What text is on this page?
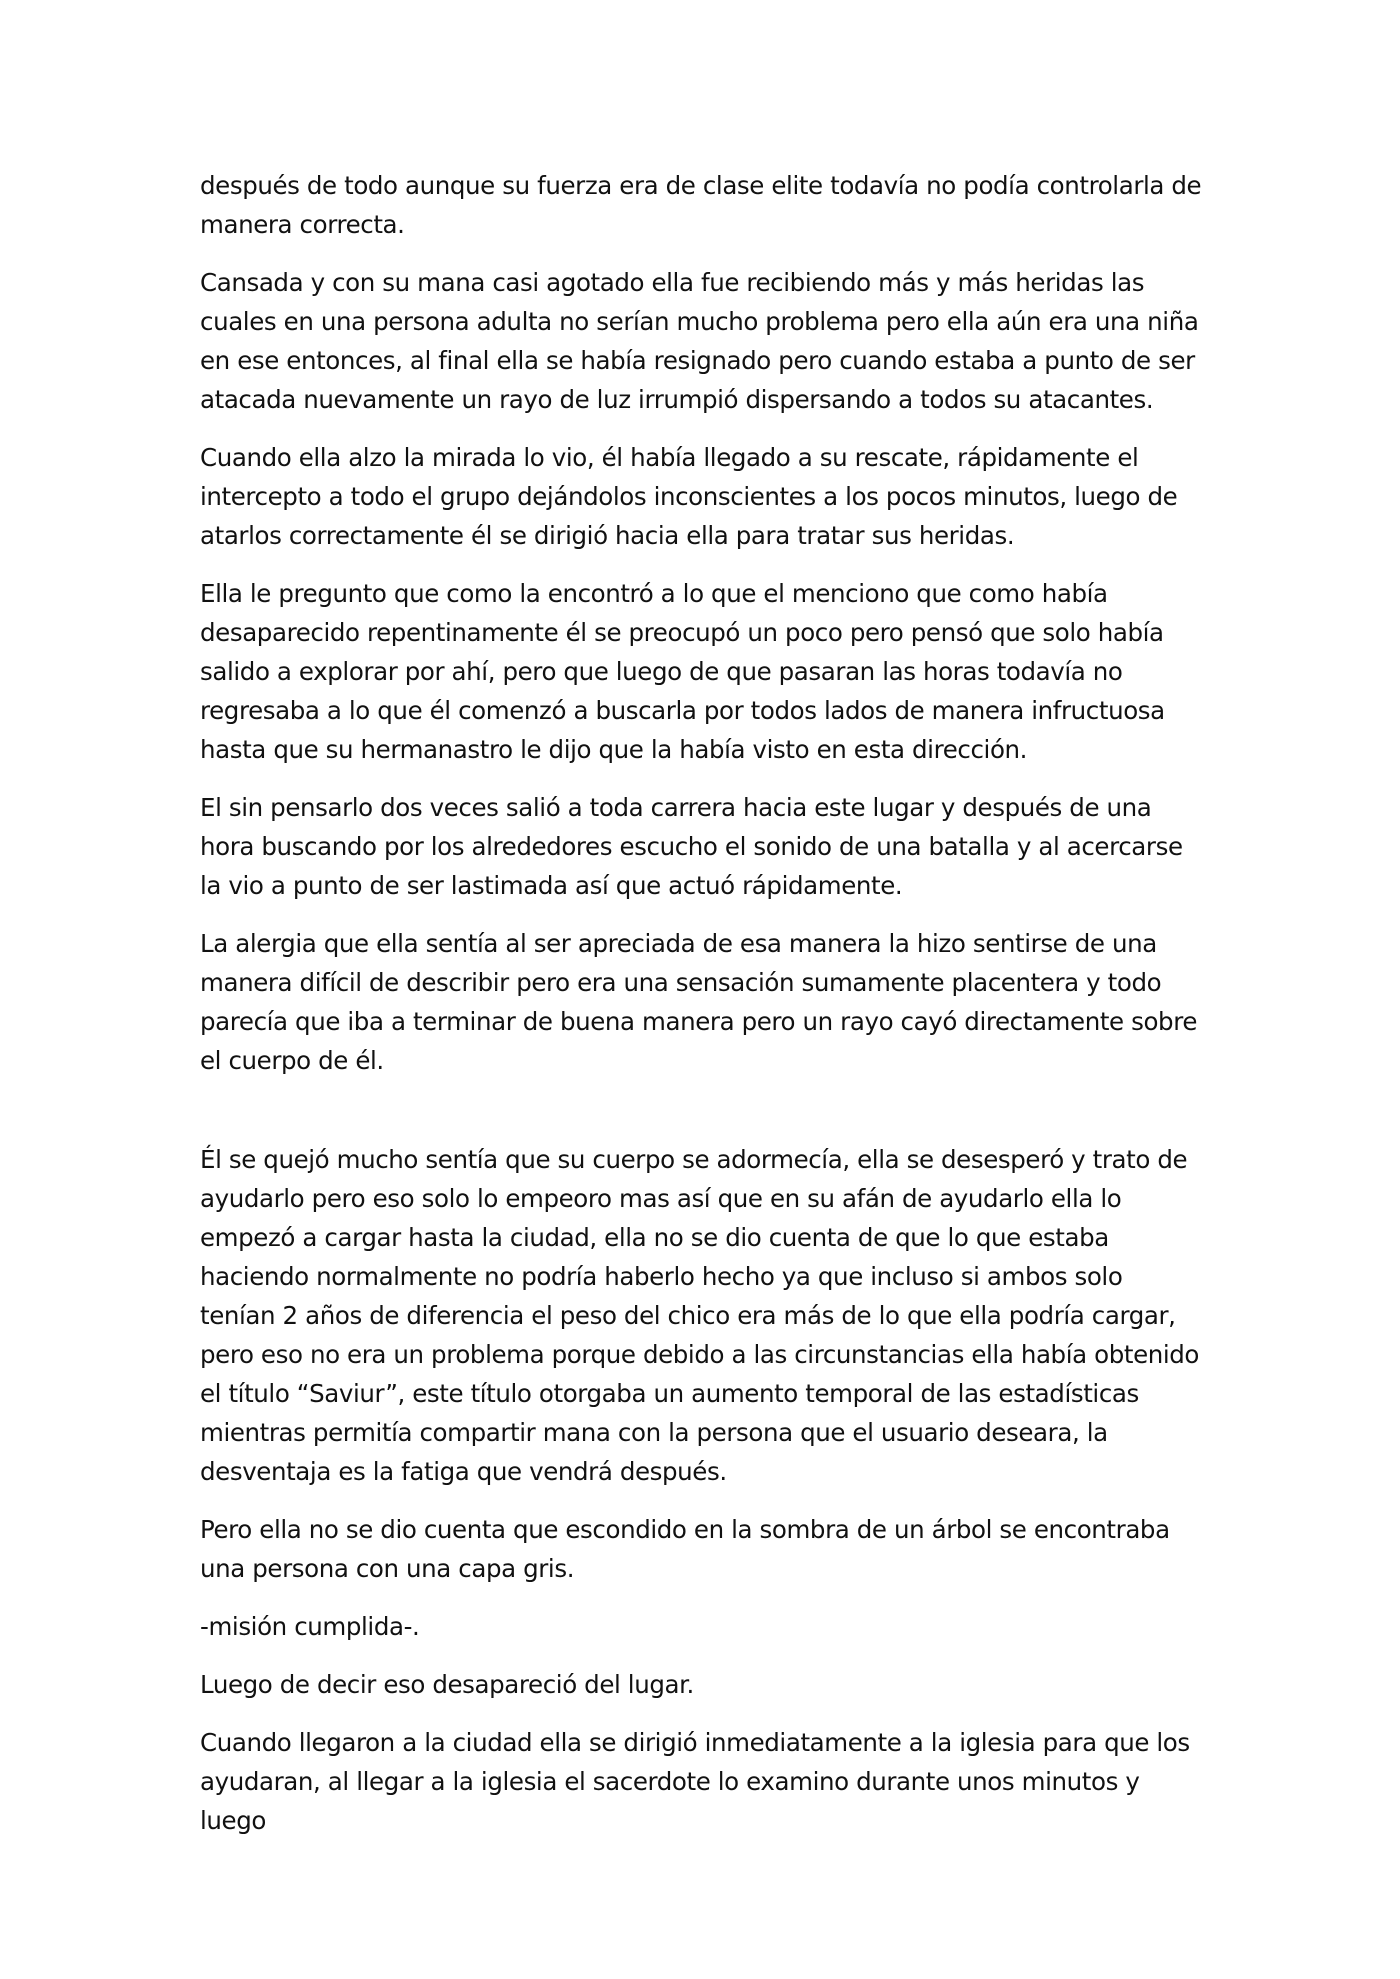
después de todo aunque su fuerza era de clase elite todavía no podía controlarla de manera correcta.

Cansada y con su mana casi agotado ella fue recibiendo más y más heridas las cuales en una persona adulta no serían mucho problema pero ella aún era una niña en ese entonces, al final ella se había resignado pero cuando estaba a punto de ser atacada nuevamente un rayo de luz irrumpió dispersando a todos su atacantes.

Cuando ella alzo la mirada lo vio, él había llegado a su rescate, rápidamente el intercepto a todo el grupo dejándolos inconscientes a los pocos minutos, luego de atarlos correctamente él se dirigió hacia ella para tratar sus heridas.

Ella le pregunto que como la encontró a lo que el menciono que como había desaparecido repentinamente él se preocupó un poco pero pensó que solo había salido a explorar por ahí, pero que luego de que pasaran las horas todavía no regresaba a lo que él comenzó a buscarla por todos lados de manera infructuosa hasta que su hermanastro le dijo que la había visto en esta dirección.

El sin pensarlo dos veces salió a toda carrera hacia este lugar y después de una hora buscando por los alrededores escucho el sonido de una batalla y al acercarse la vio a punto de ser lastimada así que actuó rápidamente.

La alergia que ella sentía al ser apreciada de esa manera la hizo sentirse de una manera difícil de describir pero era una sensación sumamente placentera y todo parecía que iba a terminar de buena manera pero un rayo cayó directamente sobre el cuerpo de él.

Él se quejó mucho sentía que su cuerpo se adormecía, ella se desesperó y trato de ayudarlo pero eso solo lo empeoro mas así que en su afán de ayudarlo ella lo empezó a cargar hasta la ciudad, ella no se dio cuenta de que lo que estaba haciendo normalmente no podría haberlo hecho ya que incluso si ambos solo tenían 2 años de diferencia el peso del chico era más de lo que ella podría cargar, pero eso no era un problema porque debido a las circunstancias ella había obtenido el título “Saviur”, este título otorgaba un aumento temporal de las estadísticas mientras permitía compartir mana con la persona que el usuario deseara, la desventaja es la fatiga que vendrá después.

Pero ella no se dio cuenta que escondido en la sombra de un árbol se encontraba una persona con una capa gris.

-misión cumplida-.

Luego de decir eso desapareció del lugar.

Cuando llegaron a la ciudad ella se dirigió inmediatamente a la iglesia para que los ayudaran, al llegar a la iglesia el sacerdote lo examino durante unos minutos y luego
